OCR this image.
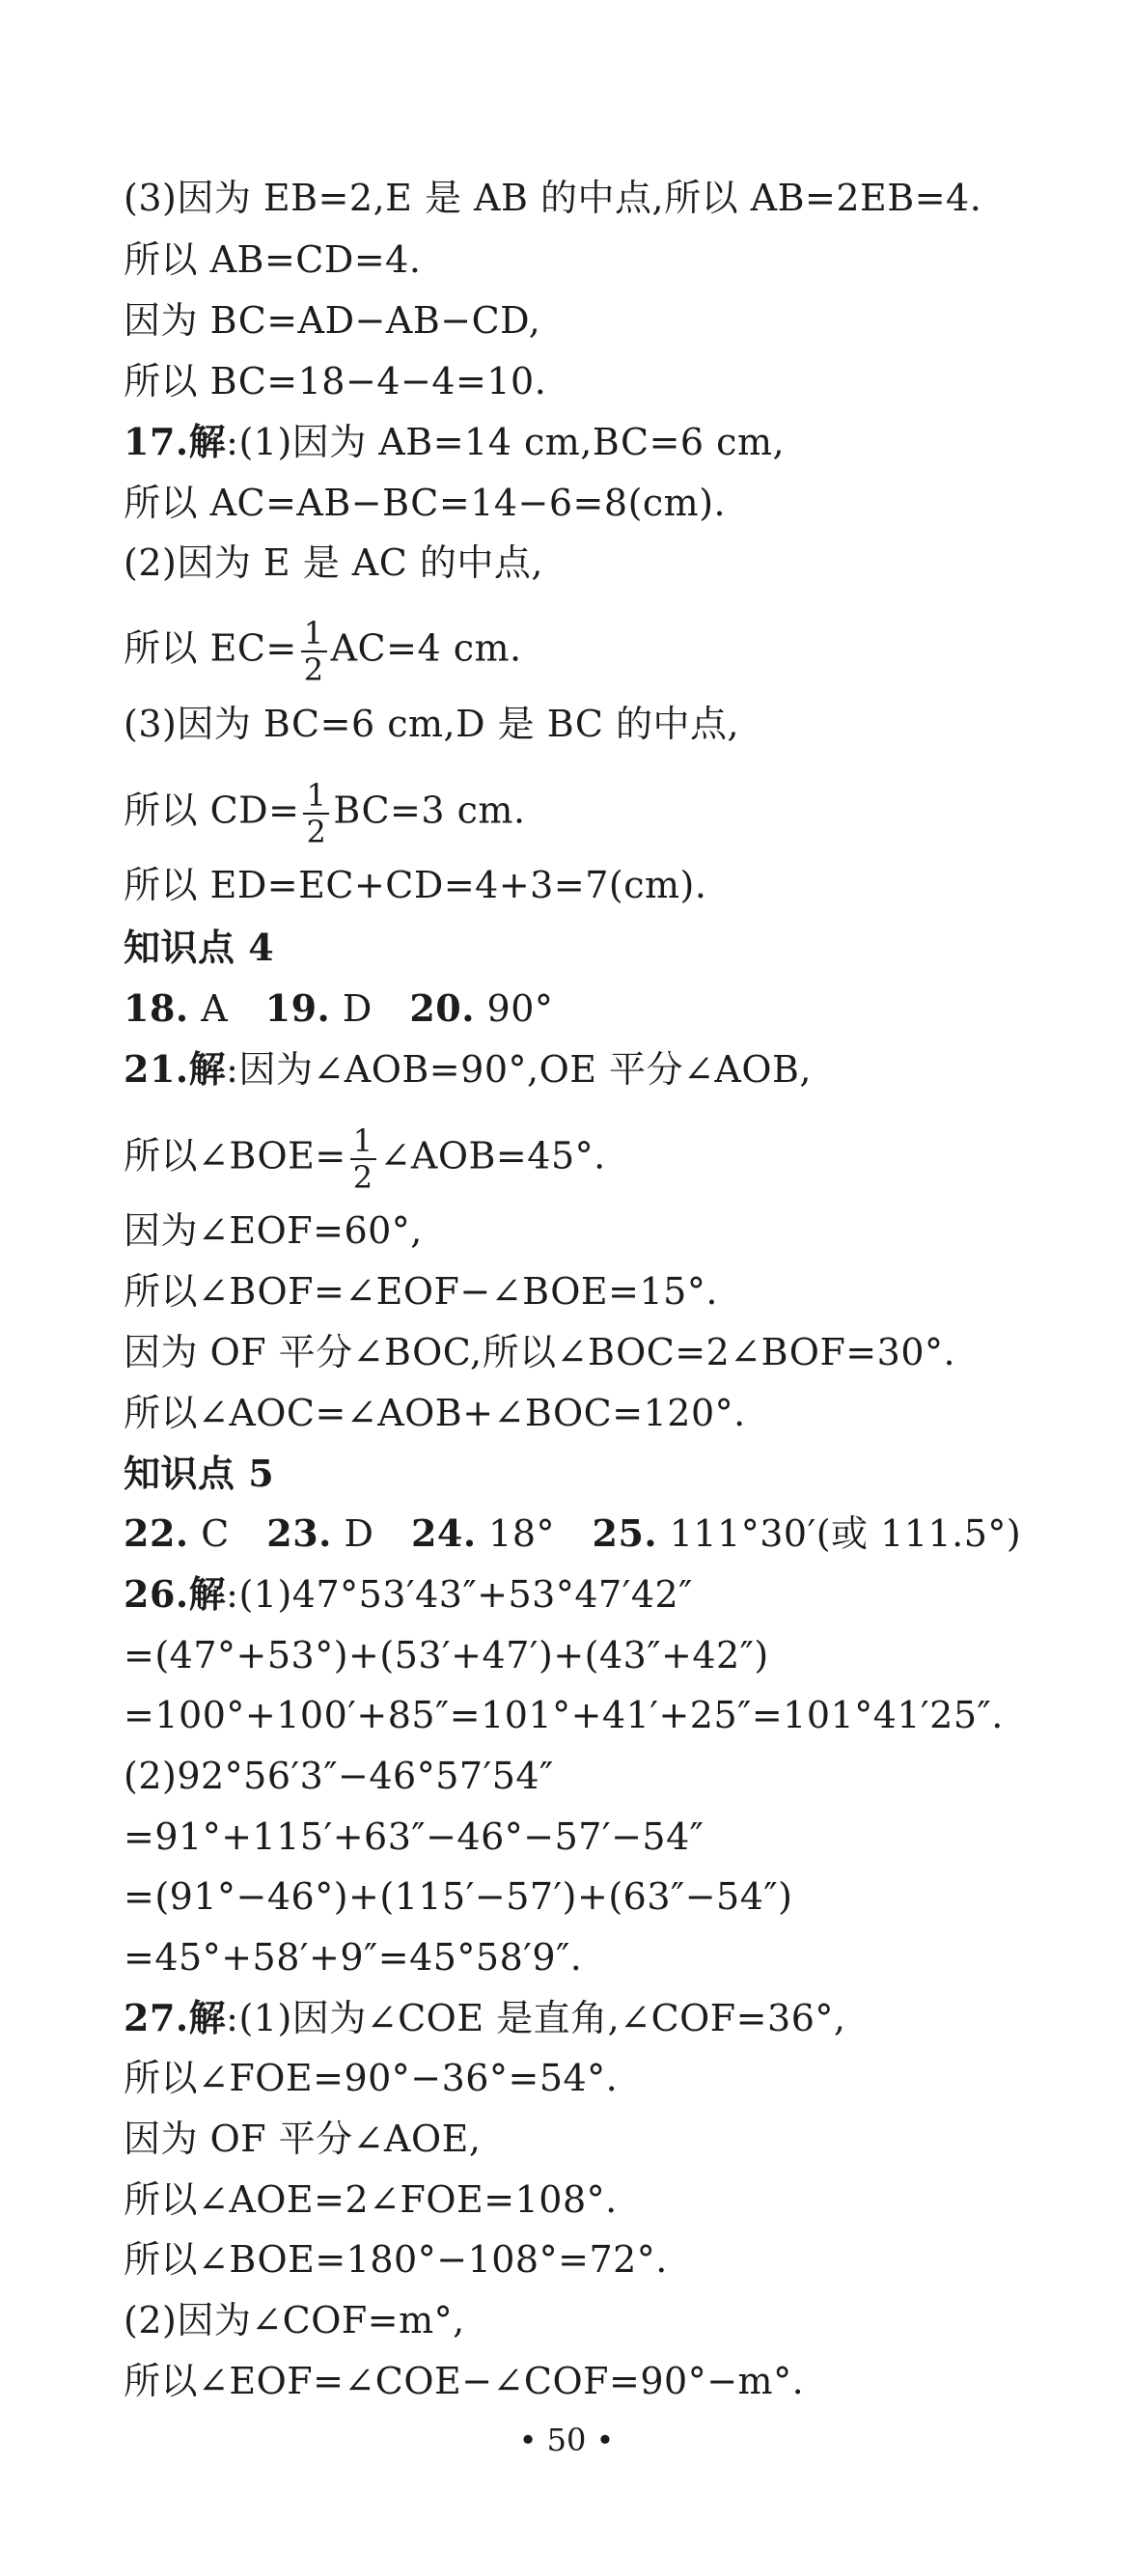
(3)因为 EB=2,E 是 AB 的中点,所以 AB=2EB=4.
所以 AB=CD=4.
因为 BC=AD−AB−CD,
所以 BC=18−4−4=10.
17.解:(1)因为 AB=14 cm,BC=6 cm,
所以 AC=AB−BC=14−6=8(cm).
(2)因为 E 是 AC 的中点,
所以 $EC= \frac{1}{2} AC=4$ cm.
(3)因为 BC=6 cm,D 是 BC 的中点,
所以 $CD= \frac{1}{2} BC=3$ cm.
所以 ED=EC+CD=4+3=7(cm).
知识点 4
18. A　19. D　20. 90°
21.解:因为∠AOB=90°,OE 平分∠AOB,
所以∠BOE= $\frac{1}{2}$ ∠AOB=45°.
因为∠EOF=60°,
所以∠BOF=∠EOF−∠BOE=15°.
因为 OF 平分∠BOC,所以∠BOC=2∠BOF=30°.
所以∠AOC=∠AOB+∠BOC=120°.
知识点 5
22. C　23. D　24. 18°　25. 111°30′(或 111.5°)
26.解:(1)47°53′43″+53°47′42″
=(47°+53°)+(53′+47′)+(43″+42″)
=100°+100′+85″=101°+41′+25″=101°41′25″.
(2)92°56′3″−46°57′54″
=91°+115′+63″−46°−57′−54″
=(91°−46°)+(115′−57′)+(63″−54″)
=45°+58′+9″=45°58′9″.
27.解:(1)因为∠COE 是直角,∠COF=36°,
所以∠FOE=90°−36°=54°.
因为 OF 平分∠AOE,
所以∠AOE=2∠FOE=108°.
所以∠BOE=180°−108°=72°.
(2)因为∠COF=m°,
所以∠EOF=∠COE−∠COF=90°−m°.
• 50 •
